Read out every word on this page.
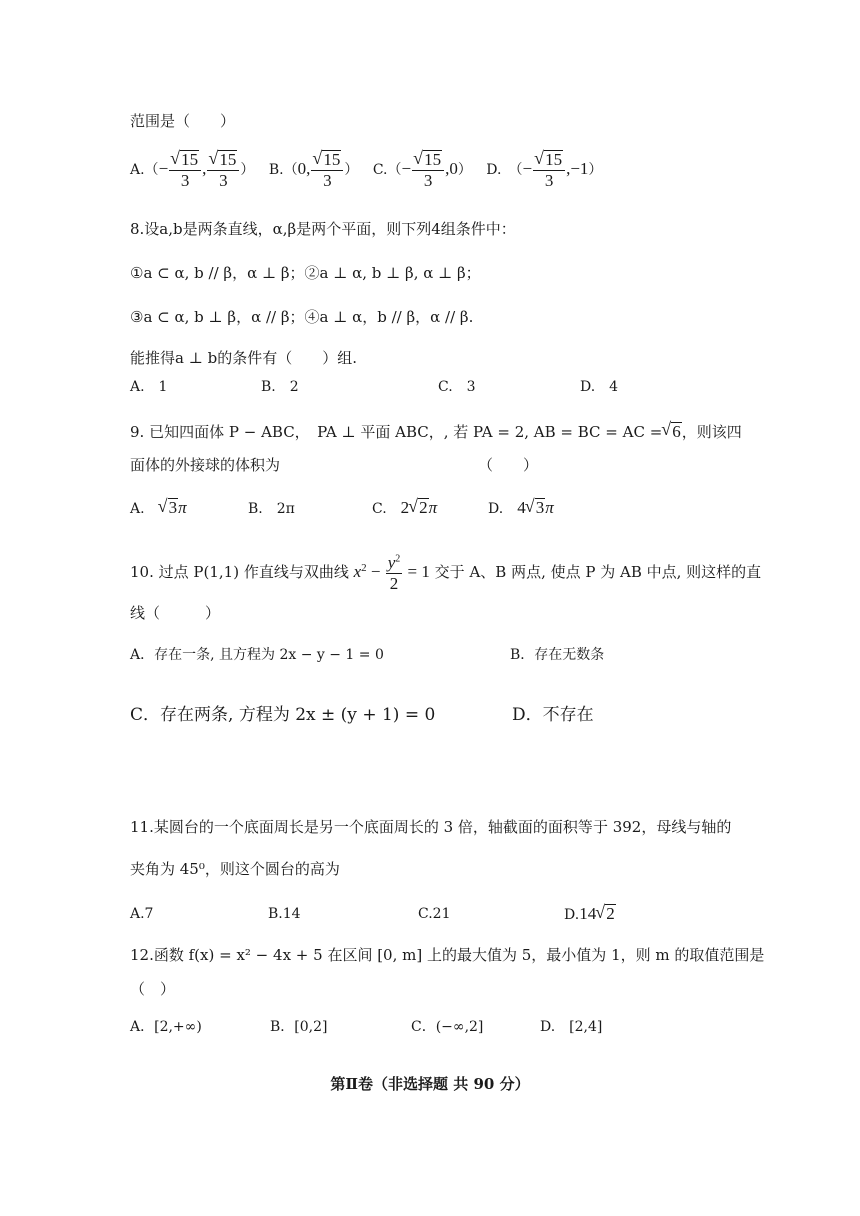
范围是（　　）
A.（− √ $\frac{15}{3}$ , √ $\frac{15}{3}$ ） B.（0, √ $\frac{15}{3}$ ） C.（− √ $\frac{15}{3} ,0$） D.　（− √ $\frac{15}{3} ,-1$）
8.设a,b是两条直线，α,β是两个平面，则下列4组条件中：
①a ⊂ α, b // β，α ⊥ β；②a ⊥ α, b ⊥ β, α ⊥ β；
③a ⊂ α, b ⊥ β，α // β；④a ⊥ α，b // β，α // β.
能推得a ⊥ b的条件有（　　）组.
A.　1	B.　2	C.　3	D.　4
9. 已知四面体 P − ABC，　PA ⊥ 平面 ABC，, 若 PA = 2, AB = BC = AC = √ 6，则该四
面体的外接球的体积为	（　　）
A.　 √ 3π	B.　2π	C.　 2 √ 2π	D.　 4 √ 3π
10. 过点 P(1,1) 作直线与双曲线 $x^2 - \frac{y^2}{2} = 1$ 交于 A、B 两点, 使点 P 为 AB 中点, 则这样的直
线（　　　）
A．存在一条, 且方程为 2x − y − 1 = 0	B．存在无数条
C．存在两条, 方程为 2x ± (y + 1) = 0	D．不存在
11.某圆台的一个底面周长是另一个底面周长的 3 倍，轴截面的面积等于 392，母线与轴的
夹角为 45⁰，则这个圆台的高为
A.7	B.14	C.21	D.14 √ 2
12.函数 f(x) = x² − 4x + 5 在区间 [0, m] 上的最大值为 5，最小值为 1，则 m 的取值范围是
（　）
A．[2,+∞)	B．[0,2]	C．(−∞,2]	D.　[2,4]
第Ⅱ卷（非选择题 共 90 分）
